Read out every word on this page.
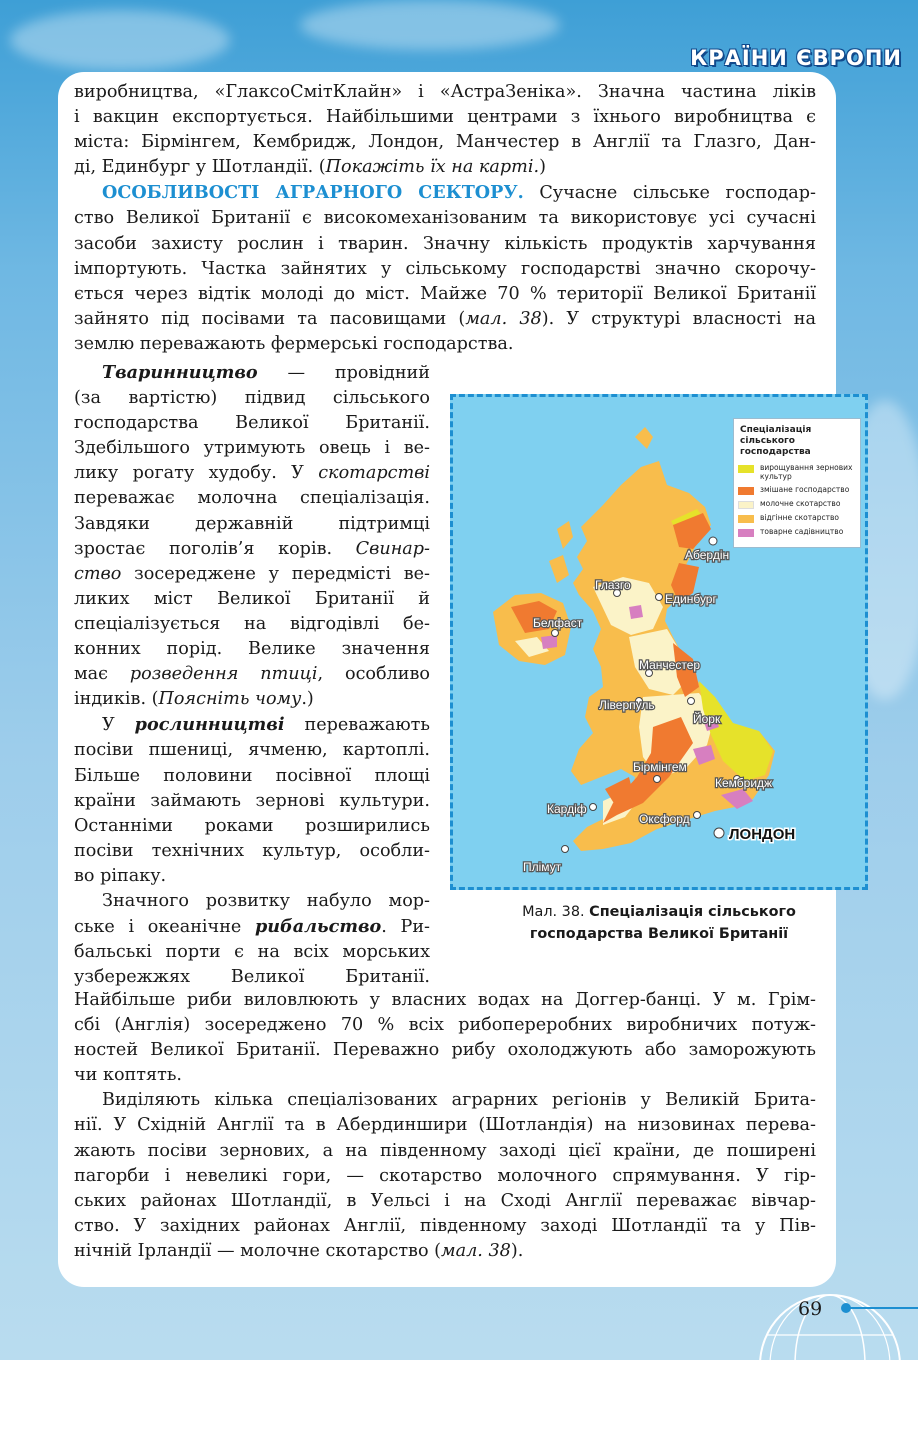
КРАЇНИ ЄВРОПИ

виробництва, «ГлаксоСмітКлайн» і «АстраЗеніка». Значна частина ліків

і вакцин експортується. Найбільшими центрами з їхнього виробництва є

міста: Бірмінгем, Кембридж, Лондон, Манчестер в Англії та Глазго, Дан-

ді, Единбург у Шотландії. (Покажіть їх на карті.)

ОСОБЛИВОСТІ АГРАРНОГО СЕКТОРУ. Сучасне сільське господар-

ство Великої Британії є високомеханізованим та використовує усі сучасні

засоби захисту рослин і тварин. Значну кількість продуктів харчування

імпортують. Частка зайнятих у сільському господарстві значно скорочу-

ється через відтік молоді до міст. Майже 70 % території Великої Британії

зайнято під посівами та пасовищами (мал. 38). У структурі власності на

землю переважають фермерські господарства.

Тваринництво — провідний

(за вартістю) підвид сільського

господарства Великої Британії.

Здебільшого утримують овець і ве-

лику рогату худобу. У скотарстві

переважає молочна спеціалізація.

Завдяки державній підтримці

зростає поголів’я корів. Свинар-

ство зосереджене у передмісті ве-

ликих міст Великої Британії й

спеціалізується на відгодівлі бе-

конних порід. Велике значення

має розведення птиці, особливо

індиків. (Поясніть чому.)

У рослинництві переважають

посіви пшениці, ячменю, картоплі.

Більше половини посівної площі

країни займають зернові культури.

Останніми роками розширились

посіви технічних культур, особли-

во ріпаку.

Значного розвитку набуло мор-

ське і океанічне рибальство. Ри-

бальські порти є на всіх морських

узбережжях Великої Британії.

Найбільше риби виловлюють у власних водах на Доггер-банці. У м. Грім-

сбі (Англія) зосереджено 70 % всіх рибопереробних виробничих потуж-

ностей Великої Британії. Переважно рибу охолоджують або заморожують

чи коптять.

Виділяють кілька спеціалізованих аграрних регіонів у Великій Брита-

нії. У Східній Англії та в Абердиншири (Шотландія) на низовинах перева-

жають посіви зернових, а на південному заході цієї країни, де поширені

пагорби і невеликі гори, — скотарство молочного спрямування. У гір-

ських районах Шотландії, в Уельсі і на Сході Англії переважає вівчар-

ство. У західних районах Англії, південному заході Шотландії та у Пів-

нічній Ірландії — молочне скотарство (мал. 38).

Абердін
Глазго
Единбург
Белфаст
Манчестер
Ліверпуль
Йорк
Бірмінгем
Кембридж
Кардіф
Оксфорд
ЛОНДОН
Плімут
Спеціалізація сільського господарства
вирощування зернових культур
змішане господарство
молочне скотарство
відгінне скотарство
товарне садівництво
Мал. 38. Спеціалізація сільського
господарства Великої Британії
69
